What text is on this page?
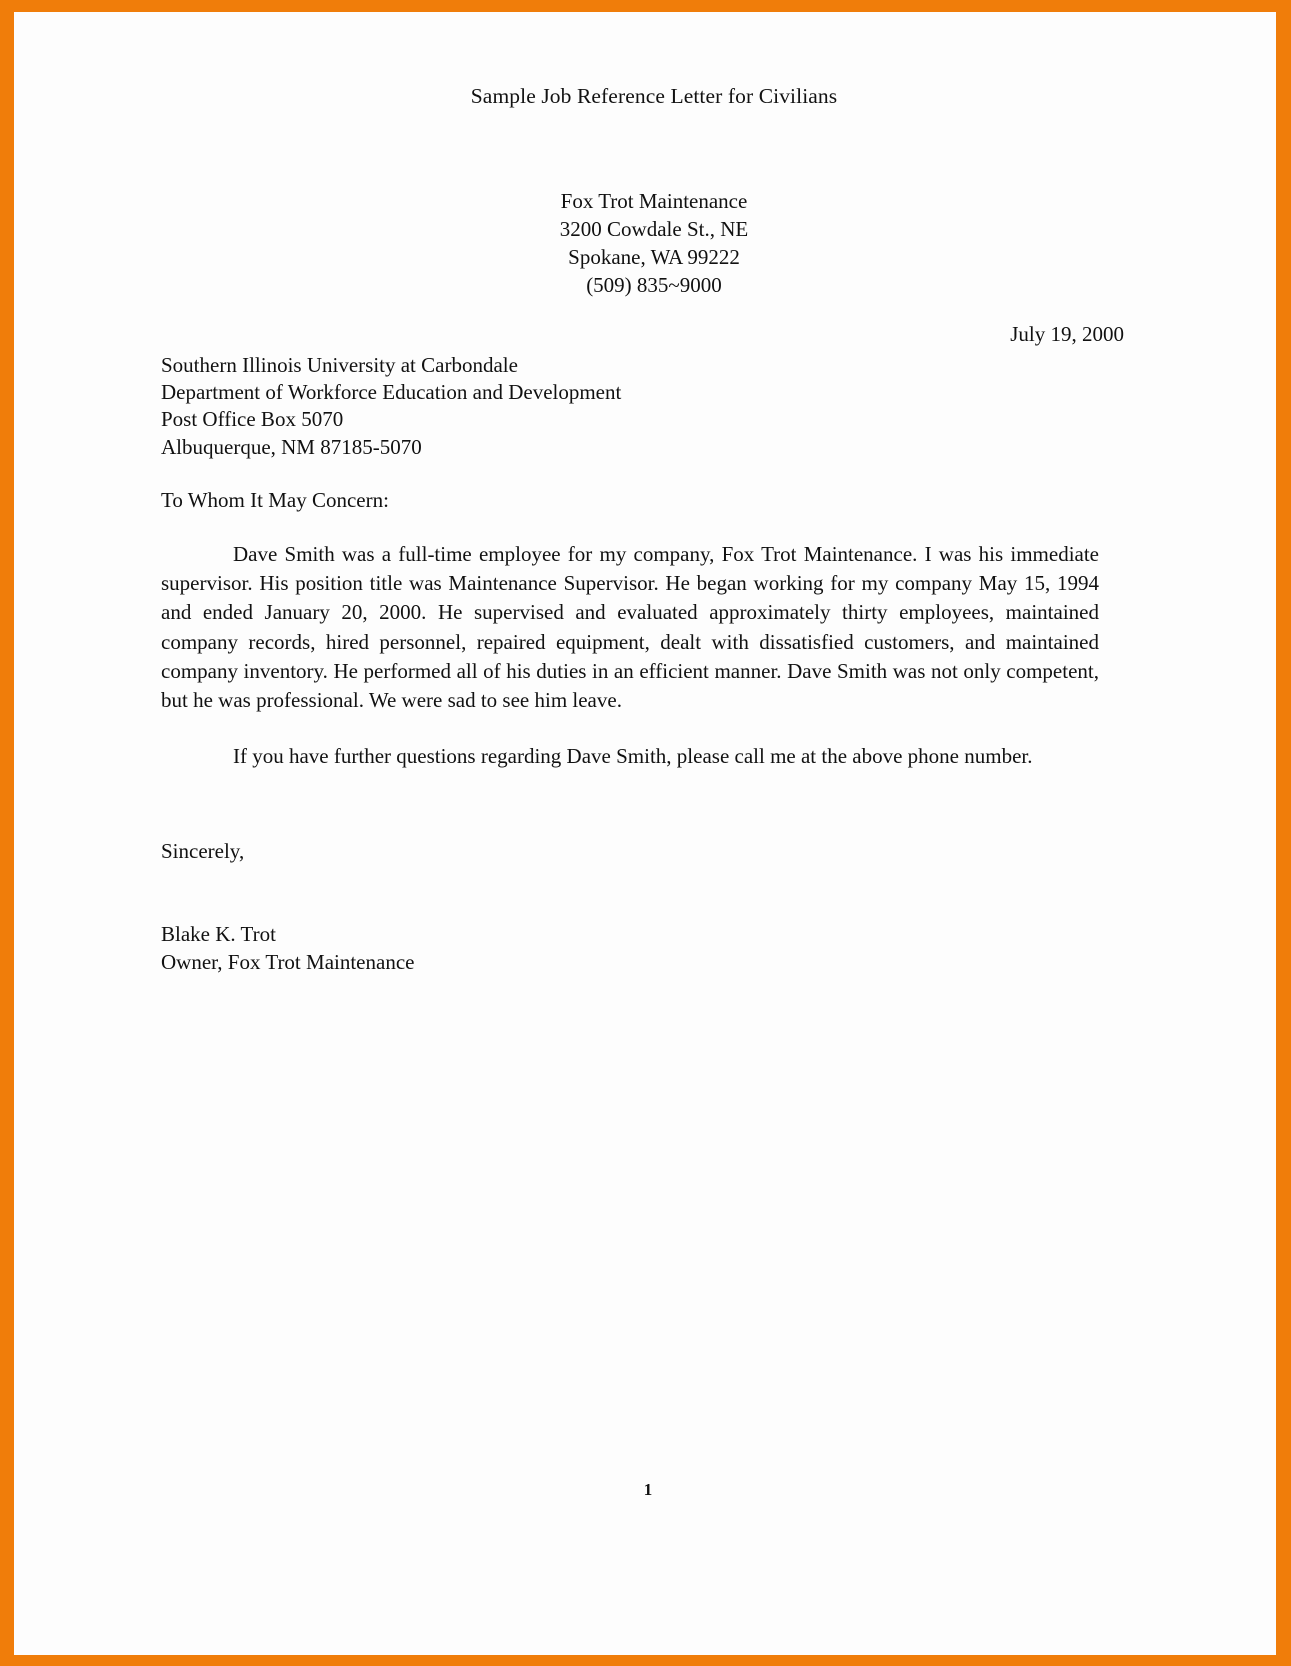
Sample Job Reference Letter for Civilians
Fox Trot Maintenance
3200 Cowdale St., NE
Spokane, WA 99222
(509) 835~9000
July 19, 2000
Southern Illinois University at Carbondale
Department of Workforce Education and Development
Post Office Box 5070
Albuquerque, NM 87185-5070
To Whom It May Concern:

Dave Smith was a full-time employee for my company, Fox Trot Maintenance. I was his immediate supervisor. His position title was Maintenance Supervisor. He began working for my company May 15, 1994 and ended January 20, 2000. He supervised and evaluated approximately thirty employees, maintained company records, hired personnel, repaired equipment, dealt with dissatisfied customers, and maintained company inventory. He performed all of his duties in an efficient manner. Dave Smith was not only competent, but he was professional. We were sad to see him leave.

If you have further questions regarding Dave Smith, please call me at the above phone number.

Sincerely,
Blake K. Trot
Owner, Fox Trot Maintenance
1
